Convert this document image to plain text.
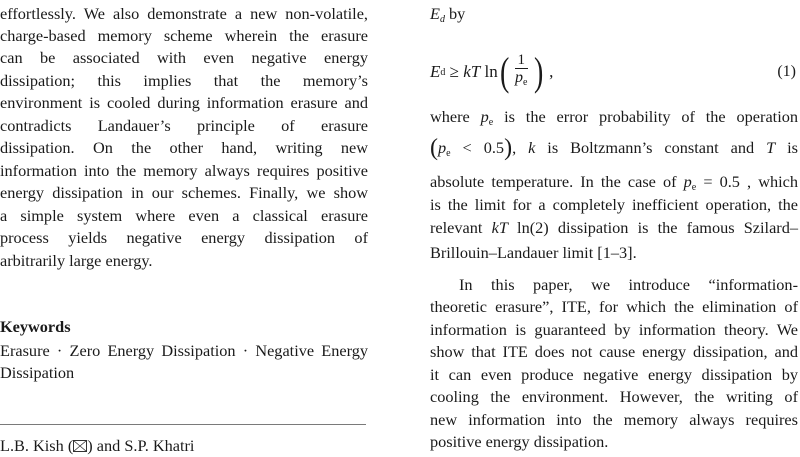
effortlessly. We also demonstrate a new non-volatile,
charge-based memory scheme wherein the erasure
can be associated with even negative energy
dissipation; this implies that the memory’s
environment is cooled during information erasure and
contradicts Landauer’s principle of erasure
dissipation. On the other hand, writing new
information into the memory always requires positive
energy dissipation in our schemes. Finally, we show
a simple system where even a classical erasure
process yields negative energy dissipation of
arbitrarily large energy.
Keywords
Erasure · Zero Energy Dissipation · Negative Energy
Dissipation
L.B. Kish ( ) and S.P. Khatri
Ed by
E d ≥ kT ln ( $\frac{1}{p_e}$ ) ,	(1)
where $p_e$ is the error probability of the operation
$(p_e < 0.5)$, k is Boltzmann’s constant and T is
absolute temperature. In the case of $p_e = 0.5$ , which
is the limit for a completely inefficient operation, the
relevant kT ln(2) dissipation is the famous Szilard–
Brillouin–Landauer limit [1–3].
In this paper, we introduce “information-
theoretic erasure”, ITE, for which the elimination of
information is guaranteed by information theory. We
show that ITE does not cause energy dissipation, and
it can even produce negative energy dissipation by
cooling the environment. However, the writing of
new information into the memory always requires
positive energy dissipation.
